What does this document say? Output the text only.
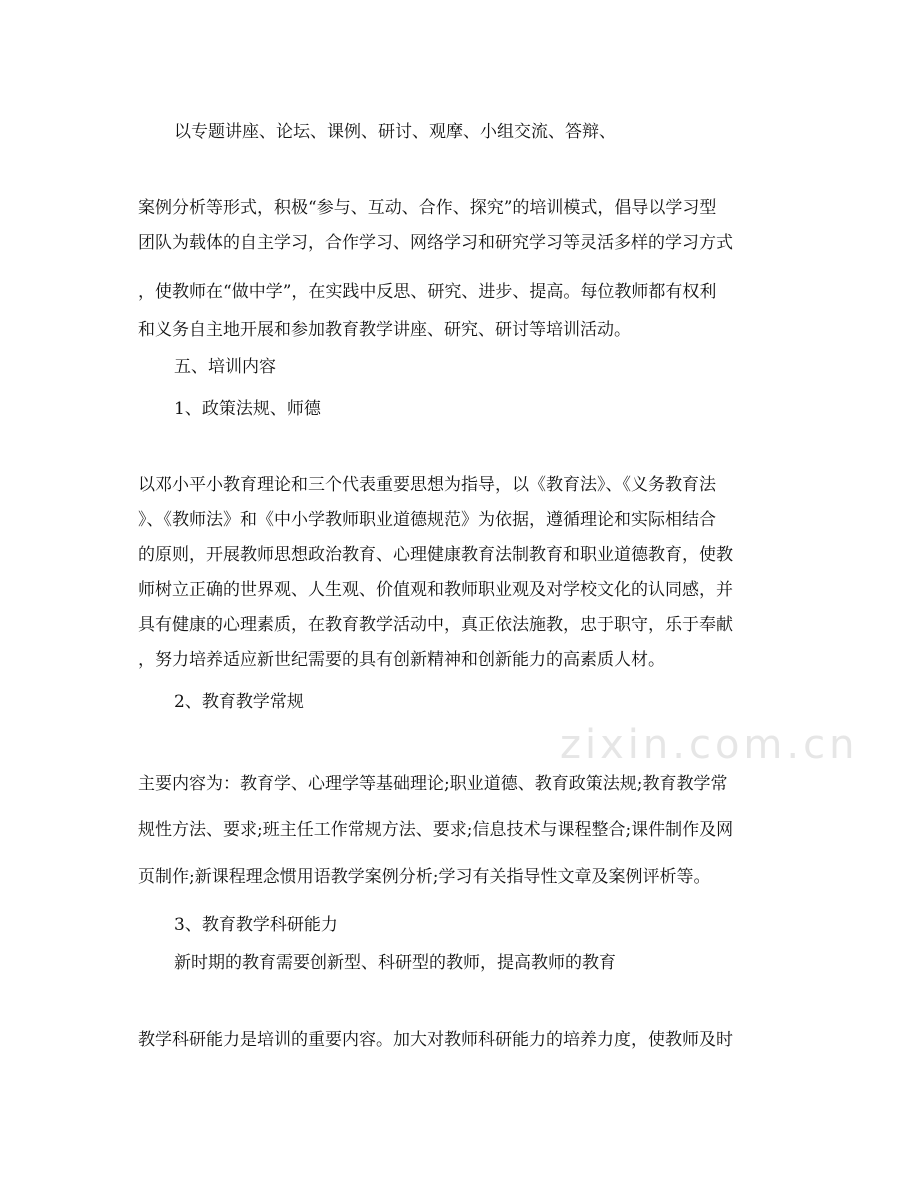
zixin.com.cn
以专题讲座、论坛、课例、研讨、观摩、小组交流、答辩、
案例分析等形式，积极“参与、互动、合作、探究”的培训模式，倡导以学习型
团队为载体的自主学习，合作学习、网络学习和研究学习等灵活多样的学习方式
，使教师在“做中学”，在实践中反思、研究、进步、提高。每位教师都有权利
和义务自主地开展和参加教育教学讲座、研究、研讨等培训活动。
五、培训内容
1、政策法规、师德
以邓小平小教育理论和三个代表重要思想为指导，以《教育法》、《义务教育法
》、《教师法》和《中小学教师职业道德规范》为依据，遵循理论和实际相结合
的原则，开展教师思想政治教育、心理健康教育法制教育和职业道德教育，使教
师树立正确的世界观、人生观、价值观和教师职业观及对学校文化的认同感，并
具有健康的心理素质，在教育教学活动中，真正依法施教，忠于职守，乐于奉献
，努力培养适应新世纪需要的具有创新精神和创新能力的高素质人材。
2、教育教学常规
主要内容为：教育学、心理学等基础理论;职业道德、教育政策法规;教育教学常
规性方法、要求;班主任工作常规方法、要求;信息技术与课程整合;课件制作及网
页制作;新课程理念惯用语教学案例分析;学习有关指导性文章及案例评析等。
3、教育教学科研能力
新时期的教育需要创新型、科研型的教师，提高教师的教育
教学科研能力是培训的重要内容。加大对教师科研能力的培养力度，使教师及时
